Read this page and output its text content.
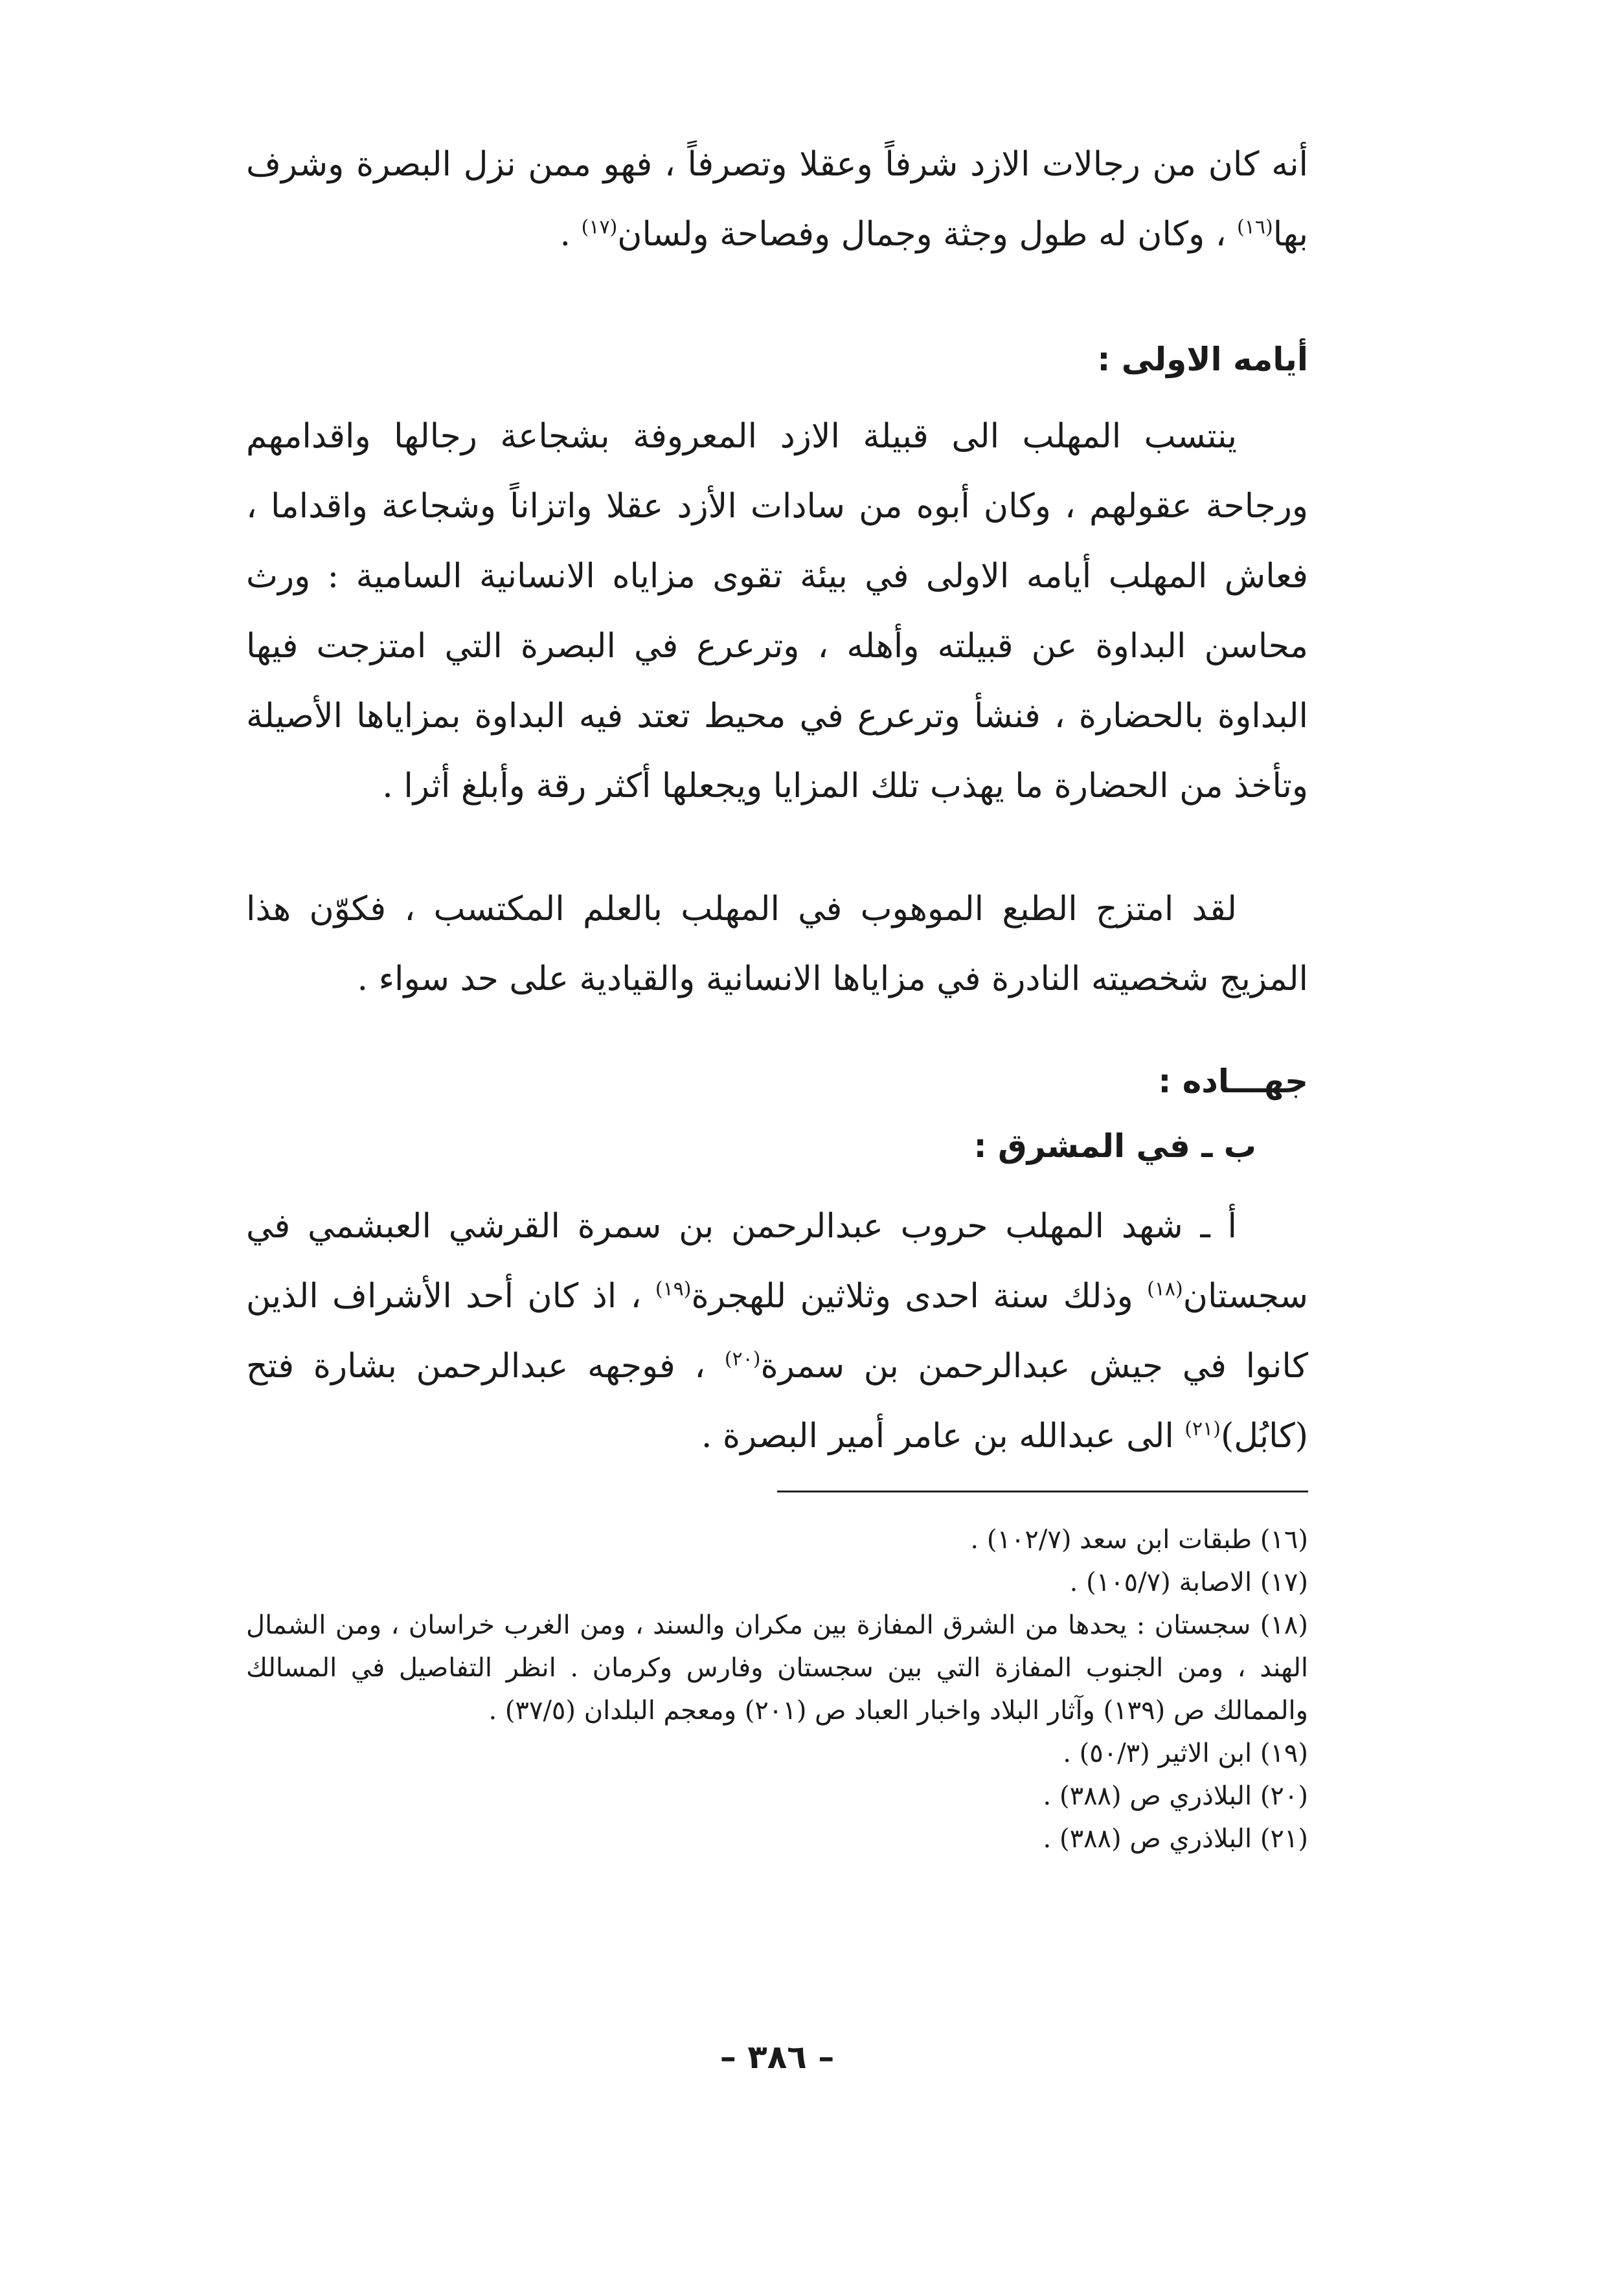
أنه كان من رجالات الازد شرفاً وعقلا وتصرفاً ، فهو ممن نزل البصرة وشرف بها$^{(١٦)}$ ، وكان له طول وجثة وجمال وفصاحة ولسان$^{(١٧)}$ .

أيامه الاولى :

ينتسب المهلب الى قبيلة الازد المعروفة بشجاعة رجالها واقدامهم ورجاحة عقولهم ، وكان أبوه من سادات الأزد عقلا واتزاناً وشجاعة واقداما ، فعاش المهلب أيامه الاولى في بيئة تقوى مزاياه الانسانية السامية : ورث محاسن البداوة عن قبيلته وأهله ، وترعرع في البصرة التي امتزجت فيها البداوة بالحضارة ، فنشأ وترعرع في محيط تعتد فيه البداوة بمزاياها الأصيلة وتأخذ من الحضارة ما يهذب تلك المزايا ويجعلها أكثر رقة وأبلغ أثرا .

لقد امتزج الطبع الموهوب في المهلب بالعلم المكتسب ، فكوّن هذا المزيج شخصيته النادرة في مزاياها الانسانية والقيادية على حد سواء .

جهـــاده :
ب ـ في المشرق :

أ ـ شهد المهلب حروب عبدالرحمن بن سمرة القرشي العبشمي في سجستان$^{(١٨)}$ وذلك سنة احدى وثلاثين للهجرة$^{(١٩)}$ ، اذ كان أحد الأشراف الذين كانوا في جيش عبدالرحمن بن سمرة$^{(٢٠)}$ ، فوجهه عبدالرحمن بشارة فتح (كابُل)$^{(٢١)}$ الى عبدالله بن عامر أمير البصرة .

(١٦) طبقات ابن سعد (١٠٢/٧) .
(١٧) الاصابة (١٠٥/٧) .
(١٨) سجستان : يحدها من الشرق المفازة بين مكران والسند ، ومن الغرب خراسان ، ومن الشمال الهند ، ومن الجنوب المفازة التي بين سجستان وفارس وكرمان . انظر التفاصيل في المسالك والممالك ص (١٣٩) وآثار البلاد واخبار العباد ص (٢٠١) ومعجم البلدان (٣٧/٥) .
(١٩) ابن الاثير (٥٠/٣) .
(٢٠) البلاذري ص (٣٨٨) .
(٢١) البلاذري ص (٣٨٨) .
– ٣٨٦ –
